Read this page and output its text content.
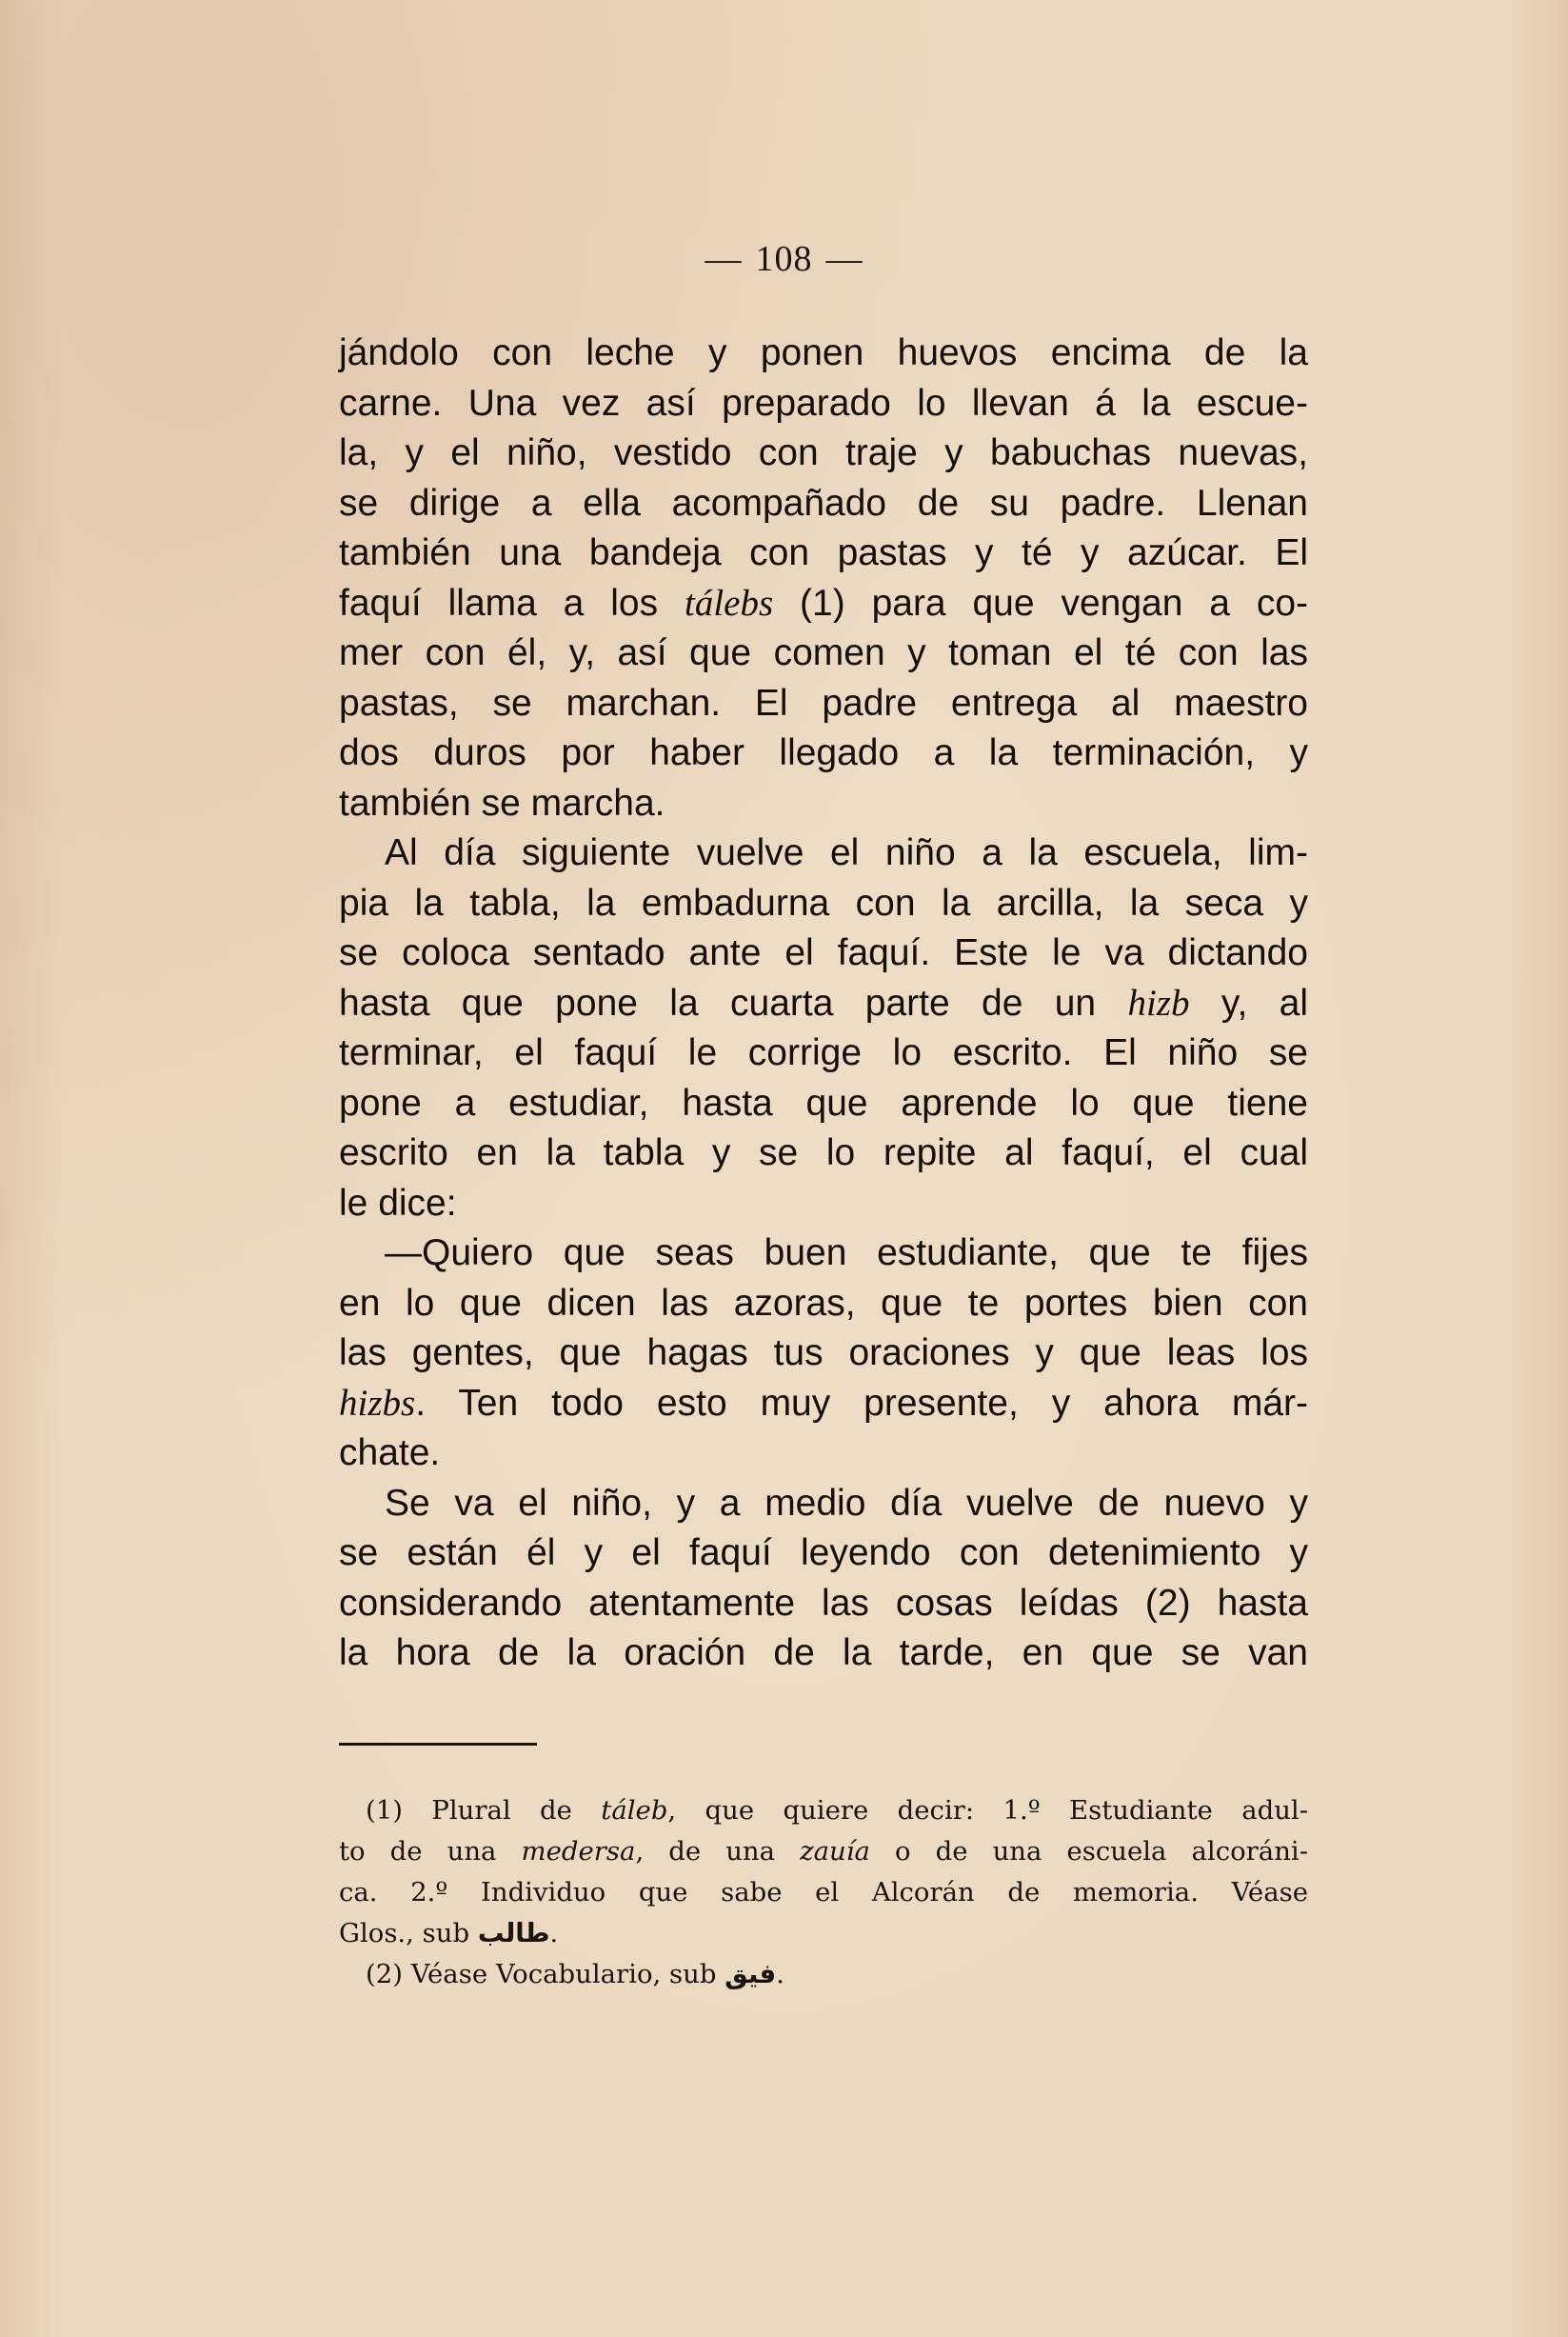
— 108 —
jándolo con leche y ponen huevos encima de la
carne. Una vez así preparado lo llevan á la escue-
la, y el niño, vestido con traje y babuchas nuevas,
se dirige a ella acompañado de su padre. Llenan
también una bandeja con pastas y té y azúcar. El
faquí llama a los tálebs (1) para que vengan a co-
mer con él, y, así que comen y toman el té con las
pastas, se marchan. El padre entrega al maestro
dos duros por haber llegado a la terminación, y
también se marcha.
Al día siguiente vuelve el niño a la escuela, lim-
pia la tabla, la embadurna con la arcilla, la seca y
se coloca sentado ante el faquí. Este le va dictando
hasta que pone la cuarta parte de un hizb y, al
terminar, el faquí le corrige lo escrito. El niño se
pone a estudiar, hasta que aprende lo que tiene
escrito en la tabla y se lo repite al faquí, el cual
le dice:
—Quiero que seas buen estudiante, que te fijes
en lo que dicen las azoras, que te portes bien con
las gentes, que hagas tus oraciones y que leas los
hizbs. Ten todo esto muy presente, y ahora már-
chate.
Se va el niño, y a medio día vuelve de nuevo y
se están él y el faquí leyendo con detenimiento y
considerando atentamente las cosas leídas (2) hasta
la hora de la oración de la tarde, en que se van
(1) Plural de táleb, que quiere decir: 1.º Estudiante adul-
to de una medersa, de una zauía o de una escuela alcoráni-
ca. 2.º Individuo que sabe el Alcorán de memoria. Véase
Glos., sub طالب.
(2) Véase Vocabulario, sub فيق.
